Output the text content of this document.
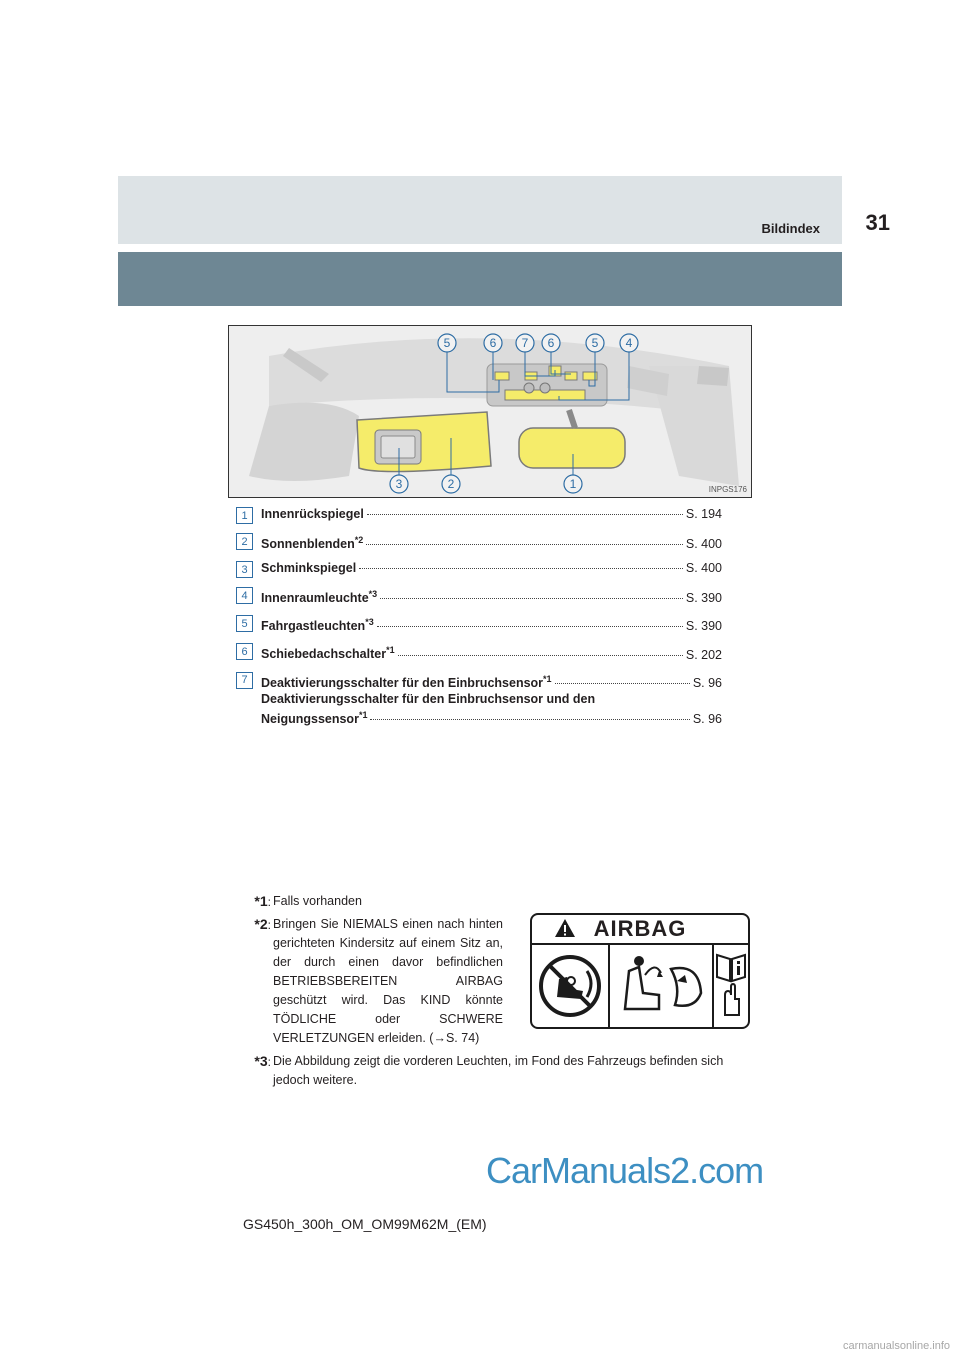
Bildindex 31
5	6 7 6	5 4
3	2	1	INPGS176
1	Innenrückspiegel	S. 194
2	Sonnenblenden$^{*2}$	S. 400
3	Schminkspiegel	S. 400
4	Innenraumleuchte$^{*3}$	S. 390
5	Fahrgastleuchten$^{*3}$	S. 390
6	Schiebedachschalter$^{*1}$	S. 202
7	Deaktivierungsschalter für den Einbruchsensor$^{*1}$	S. 96
Deaktivierungsschalter für den Einbruchsensor und den
Neigungssensor$^{*1}$	S. 96
*1: Falls vorhanden
*2: Bringen Sie NIEMALS einen nach hinten gerichteten Kindersitz auf einem Sitz an, der durch einen davor befindlichen BETRIEBSBEREITEN AIRBAG geschützt wird. Das KIND könnte TÖDLICHE oder SCHWERE VERLETZUNGEN erleiden. (→S. 74)
*3: Die Abbildung zeigt die vorderen Leuchten, im Fond des Fahrzeugs befinden sich jedoch weitere.
AIRBAG
GS450h_300h_OM_OM99M62M_(EM)
CarManuals2.com
carmanualsonline.info
